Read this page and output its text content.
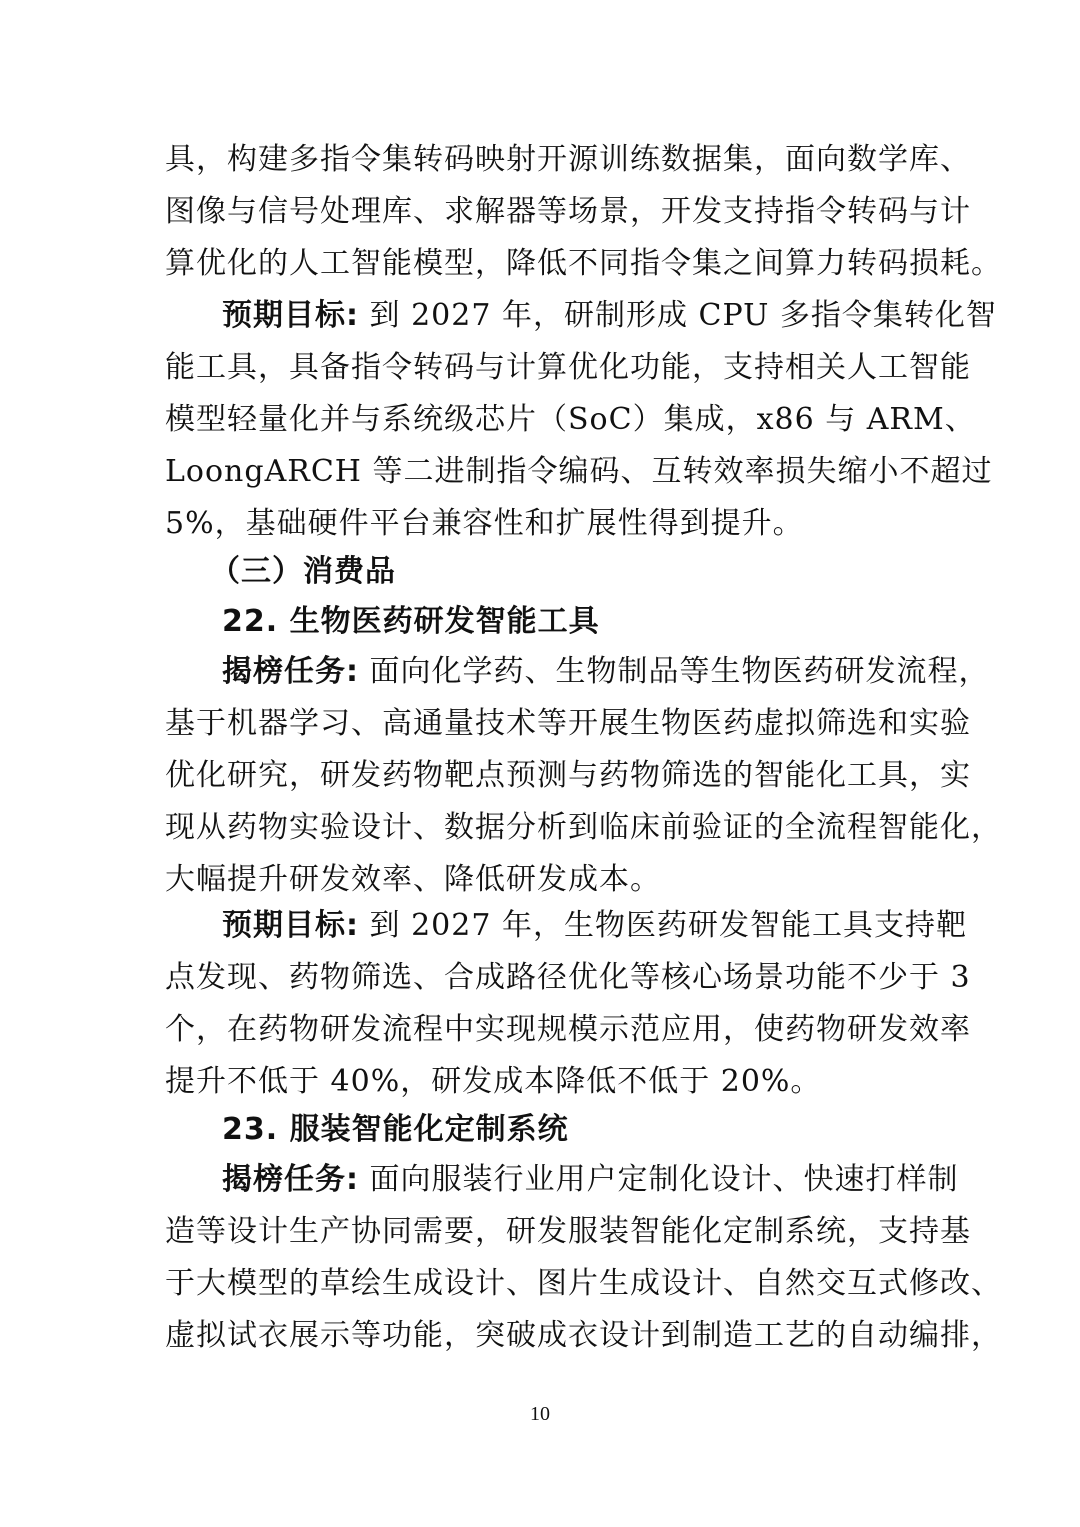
具，构建多指令集转码映射开源训练数据集，面向数学库、
图像与信号处理库、求解器等场景，开发支持指令转码与计
算优化的人工智能模型，降低不同指令集之间算力转码损耗。
预期目标: 到 2027 年，研制形成 CPU 多指令集转化智
能工具，具备指令转码与计算优化功能，支持相关人工智能
模型轻量化并与系统级芯片（SoC）集成，x86 与 ARM、
LoongARCH 等二进制指令编码、互转效率损失缩小不超过
5%，基础硬件平台兼容性和扩展性得到提升。
（三）消费品
22. 生物医药研发智能工具
揭榜任务: 面向化学药、生物制品等生物医药研发流程，
基于机器学习、高通量技术等开展生物医药虚拟筛选和实验
优化研究，研发药物靶点预测与药物筛选的智能化工具，实
现从药物实验设计、数据分析到临床前验证的全流程智能化，
大幅提升研发效率、降低研发成本。
预期目标: 到 2027 年，生物医药研发智能工具支持靶
点发现、药物筛选、合成路径优化等核心场景功能不少于 3
个，在药物研发流程中实现规模示范应用，使药物研发效率
提升不低于 40%，研发成本降低不低于 20%。
23. 服装智能化定制系统
揭榜任务: 面向服装行业用户定制化设计、快速打样制
造等设计生产协同需要，研发服装智能化定制系统，支持基
于大模型的草绘生成设计、图片生成设计、自然交互式修改、
虚拟试衣展示等功能，突破成衣设计到制造工艺的自动编排，
10
